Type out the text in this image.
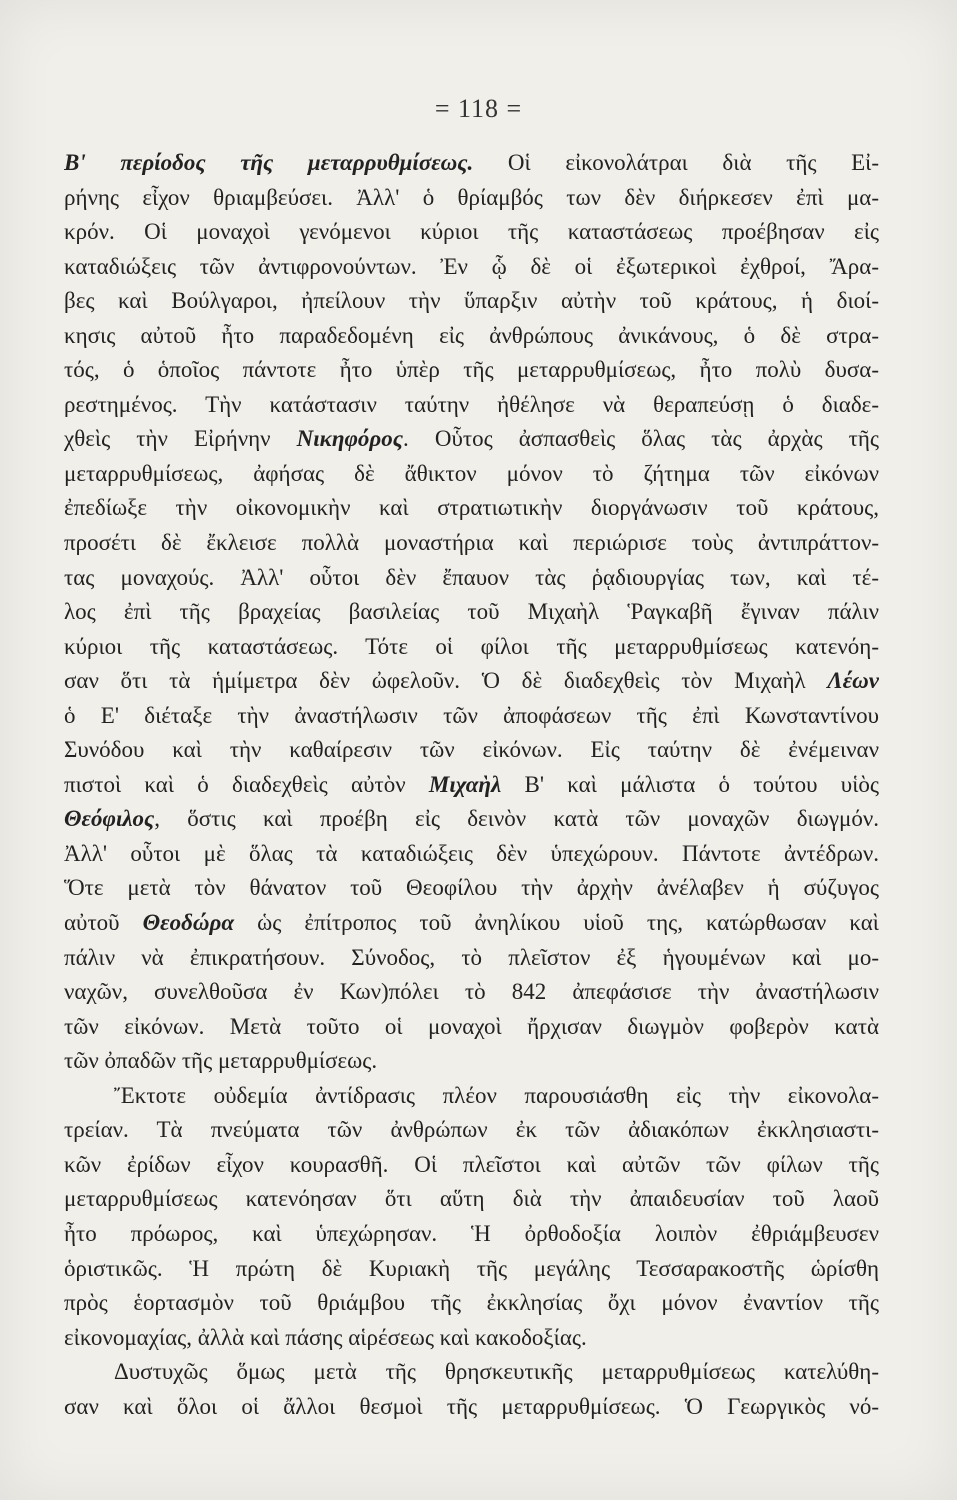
= 118 =
Β' περίοδος τῆς μεταρρυθμίσεως. Οἱ εἰκονολάτραι διὰ τῆς Εἰ-
ρήνης εἶχον θριαμβεύσει. Ἀλλ' ὁ θρίαμβός των δὲν διήρκεσεν ἐπὶ μα-
κρόν. Οἱ μοναχοὶ γενόμενοι κύριοι τῆς καταστάσεως προέβησαν εἰς
καταδιώξεις τῶν ἀντιφρονούντων. Ἐν ᾧ δὲ οἱ ἐξωτερικοὶ ἐχθροί, Ἄρα-
βες καὶ Βούλγαροι, ἠπείλουν τὴν ὕπαρξιν αὐτὴν τοῦ κράτους, ἡ διοί-
κησις αὐτοῦ ἦτο παραδεδομένη εἰς ἀνθρώπους ἀνικάνους, ὁ δὲ στρα-
τός, ὁ ὁποῖος πάντοτε ἦτο ὑπὲρ τῆς μεταρρυθμίσεως, ἦτο πολὺ δυσα-
ρεστημένος. Τὴν κατάστασιν ταύτην ἠθέλησε νὰ θεραπεύσῃ ὁ διαδε-
χθεὶς τὴν Εἰρήνην Νικηφόρος. Οὗτος ἀσπασθεὶς ὅλας τὰς ἀρχὰς τῆς
μεταρρυθμίσεως, ἀφήσας δὲ ἄθικτον μόνον τὸ ζήτημα τῶν εἰκόνων
ἐπεδίωξε τὴν οἰκονομικὴν καὶ στρατιωτικὴν διοργάνωσιν τοῦ κράτους,
προσέτι δὲ ἔκλεισε πολλὰ μοναστήρια καὶ περιώρισε τοὺς ἀντιπράττον-
τας μοναχούς. Ἀλλ' οὗτοι δὲν ἔπαυον τὰς ῥᾳδιουργίας των, καὶ τέ-
λος ἐπὶ τῆς βραχείας βασιλείας τοῦ Μιχαὴλ Ῥαγκαβῆ ἔγιναν πάλιν
κύριοι τῆς καταστάσεως. Τότε οἱ φίλοι τῆς μεταρρυθμίσεως κατενόη-
σαν ὅτι τὰ ἡμίμετρα δὲν ὠφελοῦν. Ὁ δὲ διαδεχθεὶς τὸν Μιχαὴλ Λέων
ὁ Ε' διέταξε τὴν ἀναστήλωσιν τῶν ἀποφάσεων τῆς ἐπὶ Κωνσταντίνου
Συνόδου καὶ τὴν καθαίρεσιν τῶν εἰκόνων. Εἰς ταύτην δὲ ἐνέμειναν
πιστοὶ καὶ ὁ διαδεχθεὶς αὐτὸν Μιχαὴλ Β' καὶ μάλιστα ὁ τούτου υἱὸς
Θεόφιλος, ὅστις καὶ προέβη εἰς δεινὸν κατὰ τῶν μοναχῶν διωγμόν.
Ἀλλ' οὗτοι μὲ ὅλας τὰ καταδιώξεις δὲν ὑπεχώρουν. Πάντοτε ἀντέδρων.
Ὅτε μετὰ τὸν θάνατον τοῦ Θεοφίλου τὴν ἀρχὴν ἀνέλαβεν ἡ σύζυγος
αὐτοῦ Θεοδώρα ὡς ἐπίτροπος τοῦ ἀνηλίκου υἱοῦ της, κατώρθωσαν καὶ
πάλιν νὰ ἐπικρατήσουν. Σύνοδος, τὸ πλεῖστον ἐξ ἡγουμένων καὶ μο-
ναχῶν, συνελθοῦσα ἐν Κων)πόλει τὸ 842 ἀπεφάσισε τὴν ἀναστήλωσιν
τῶν εἰκόνων. Μετὰ τοῦτο οἱ μοναχοὶ ἤρχισαν διωγμὸν φοβερὸν κατὰ
τῶν ὀπαδῶν τῆς μεταρρυθμίσεως.
Ἔκτοτε οὐδεμία ἀντίδρασις πλέον παρουσιάσθη εἰς τὴν εἰκονολα-
τρείαν. Τὰ πνεύματα τῶν ἀνθρώπων ἐκ τῶν ἀδιακόπων ἐκκλησιαστι-
κῶν ἐρίδων εἶχον κουρασθῆ. Οἱ πλεῖστοι καὶ αὐτῶν τῶν φίλων τῆς
μεταρρυθμίσεως κατενόησαν ὅτι αὕτη διὰ τὴν ἀπαιδευσίαν τοῦ λαοῦ
ἦτο πρόωρος, καὶ ὑπεχώρησαν. Ἡ ὀρθοδοξία λοιπὸν ἐθριάμβευσεν
ὁριστικῶς. Ἡ πρώτη δὲ Κυριακὴ τῆς μεγάλης Τεσσαρακοστῆς ὡρίσθη
πρὸς ἑορτασμὸν τοῦ θριάμβου τῆς ἐκκλησίας ὄχι μόνον ἐναντίον τῆς
εἰκονομαχίας, ἀλλὰ καὶ πάσης αἱρέσεως καὶ κακοδοξίας.
Δυστυχῶς ὅμως μετὰ τῆς θρησκευτικῆς μεταρρυθμίσεως κατελύθη-
σαν καὶ ὅλοι οἱ ἄλλοι θεσμοὶ τῆς μεταρρυθμίσεως. Ὁ Γεωργικὸς νό-
